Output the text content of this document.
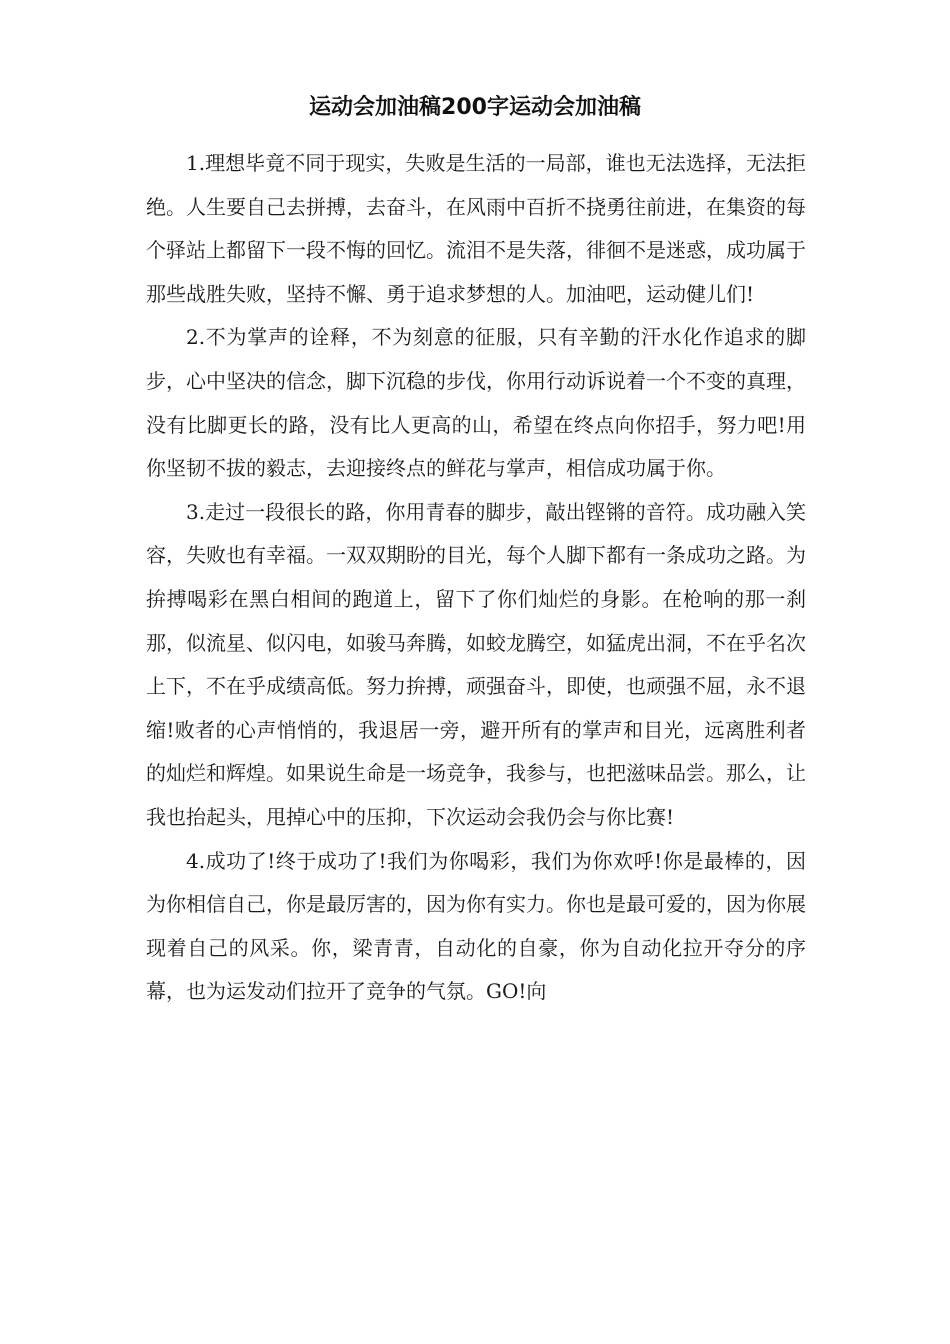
运动会加油稿200字运动会加油稿

1.理想毕竟不同于现实，失败是生活的一局部，谁也无法选择，无法拒绝。人生要自己去拼搏，去奋斗，在风雨中百折不挠勇往前进，在集资的每个驿站上都留下一段不悔的回忆。流泪不是失落，徘徊不是迷惑，成功属于那些战胜失败，坚持不懈、勇于追求梦想的人。加油吧，运动健儿们!

2.不为掌声的诠释，不为刻意的征服，只有辛勤的汗水化作追求的脚步，心中坚决的信念，脚下沉稳的步伐，你用行动诉说着一个不变的真理，没有比脚更长的路，没有比人更高的山，希望在终点向你招手，努力吧!用你坚韧不拔的毅志，去迎接终点的鲜花与掌声，相信成功属于你。

3.走过一段很长的路，你用青春的脚步，敲出铿锵的音符。成功融入笑容，失败也有幸福。一双双期盼的目光，每个人脚下都有一条成功之路。为拚搏喝彩在黑白相间的跑道上，留下了你们灿烂的身影。在枪响的那一刹那，似流星、似闪电，如骏马奔腾，如蛟龙腾空，如猛虎出洞，不在乎名次上下，不在乎成绩高低。努力拚搏，顽强奋斗，即使，也顽强不屈，永不退缩!败者的心声悄悄的，我退居一旁，避开所有的掌声和目光，远离胜利者的灿烂和辉煌。如果说生命是一场竞争，我参与，也把滋味品尝。那么，让我也抬起头，甩掉心中的压抑，下次运动会我仍会与你比赛!

4.成功了!终于成功了!我们为你喝彩，我们为你欢呼!你是最棒的，因为你相信自己，你是最厉害的，因为你有实力。你也是最可爱的，因为你展现着自己的风采。你，梁青青，自动化的自豪，你为自动化拉开夺分的序幕，也为运发动们拉开了竞争的气氛。GO!向
